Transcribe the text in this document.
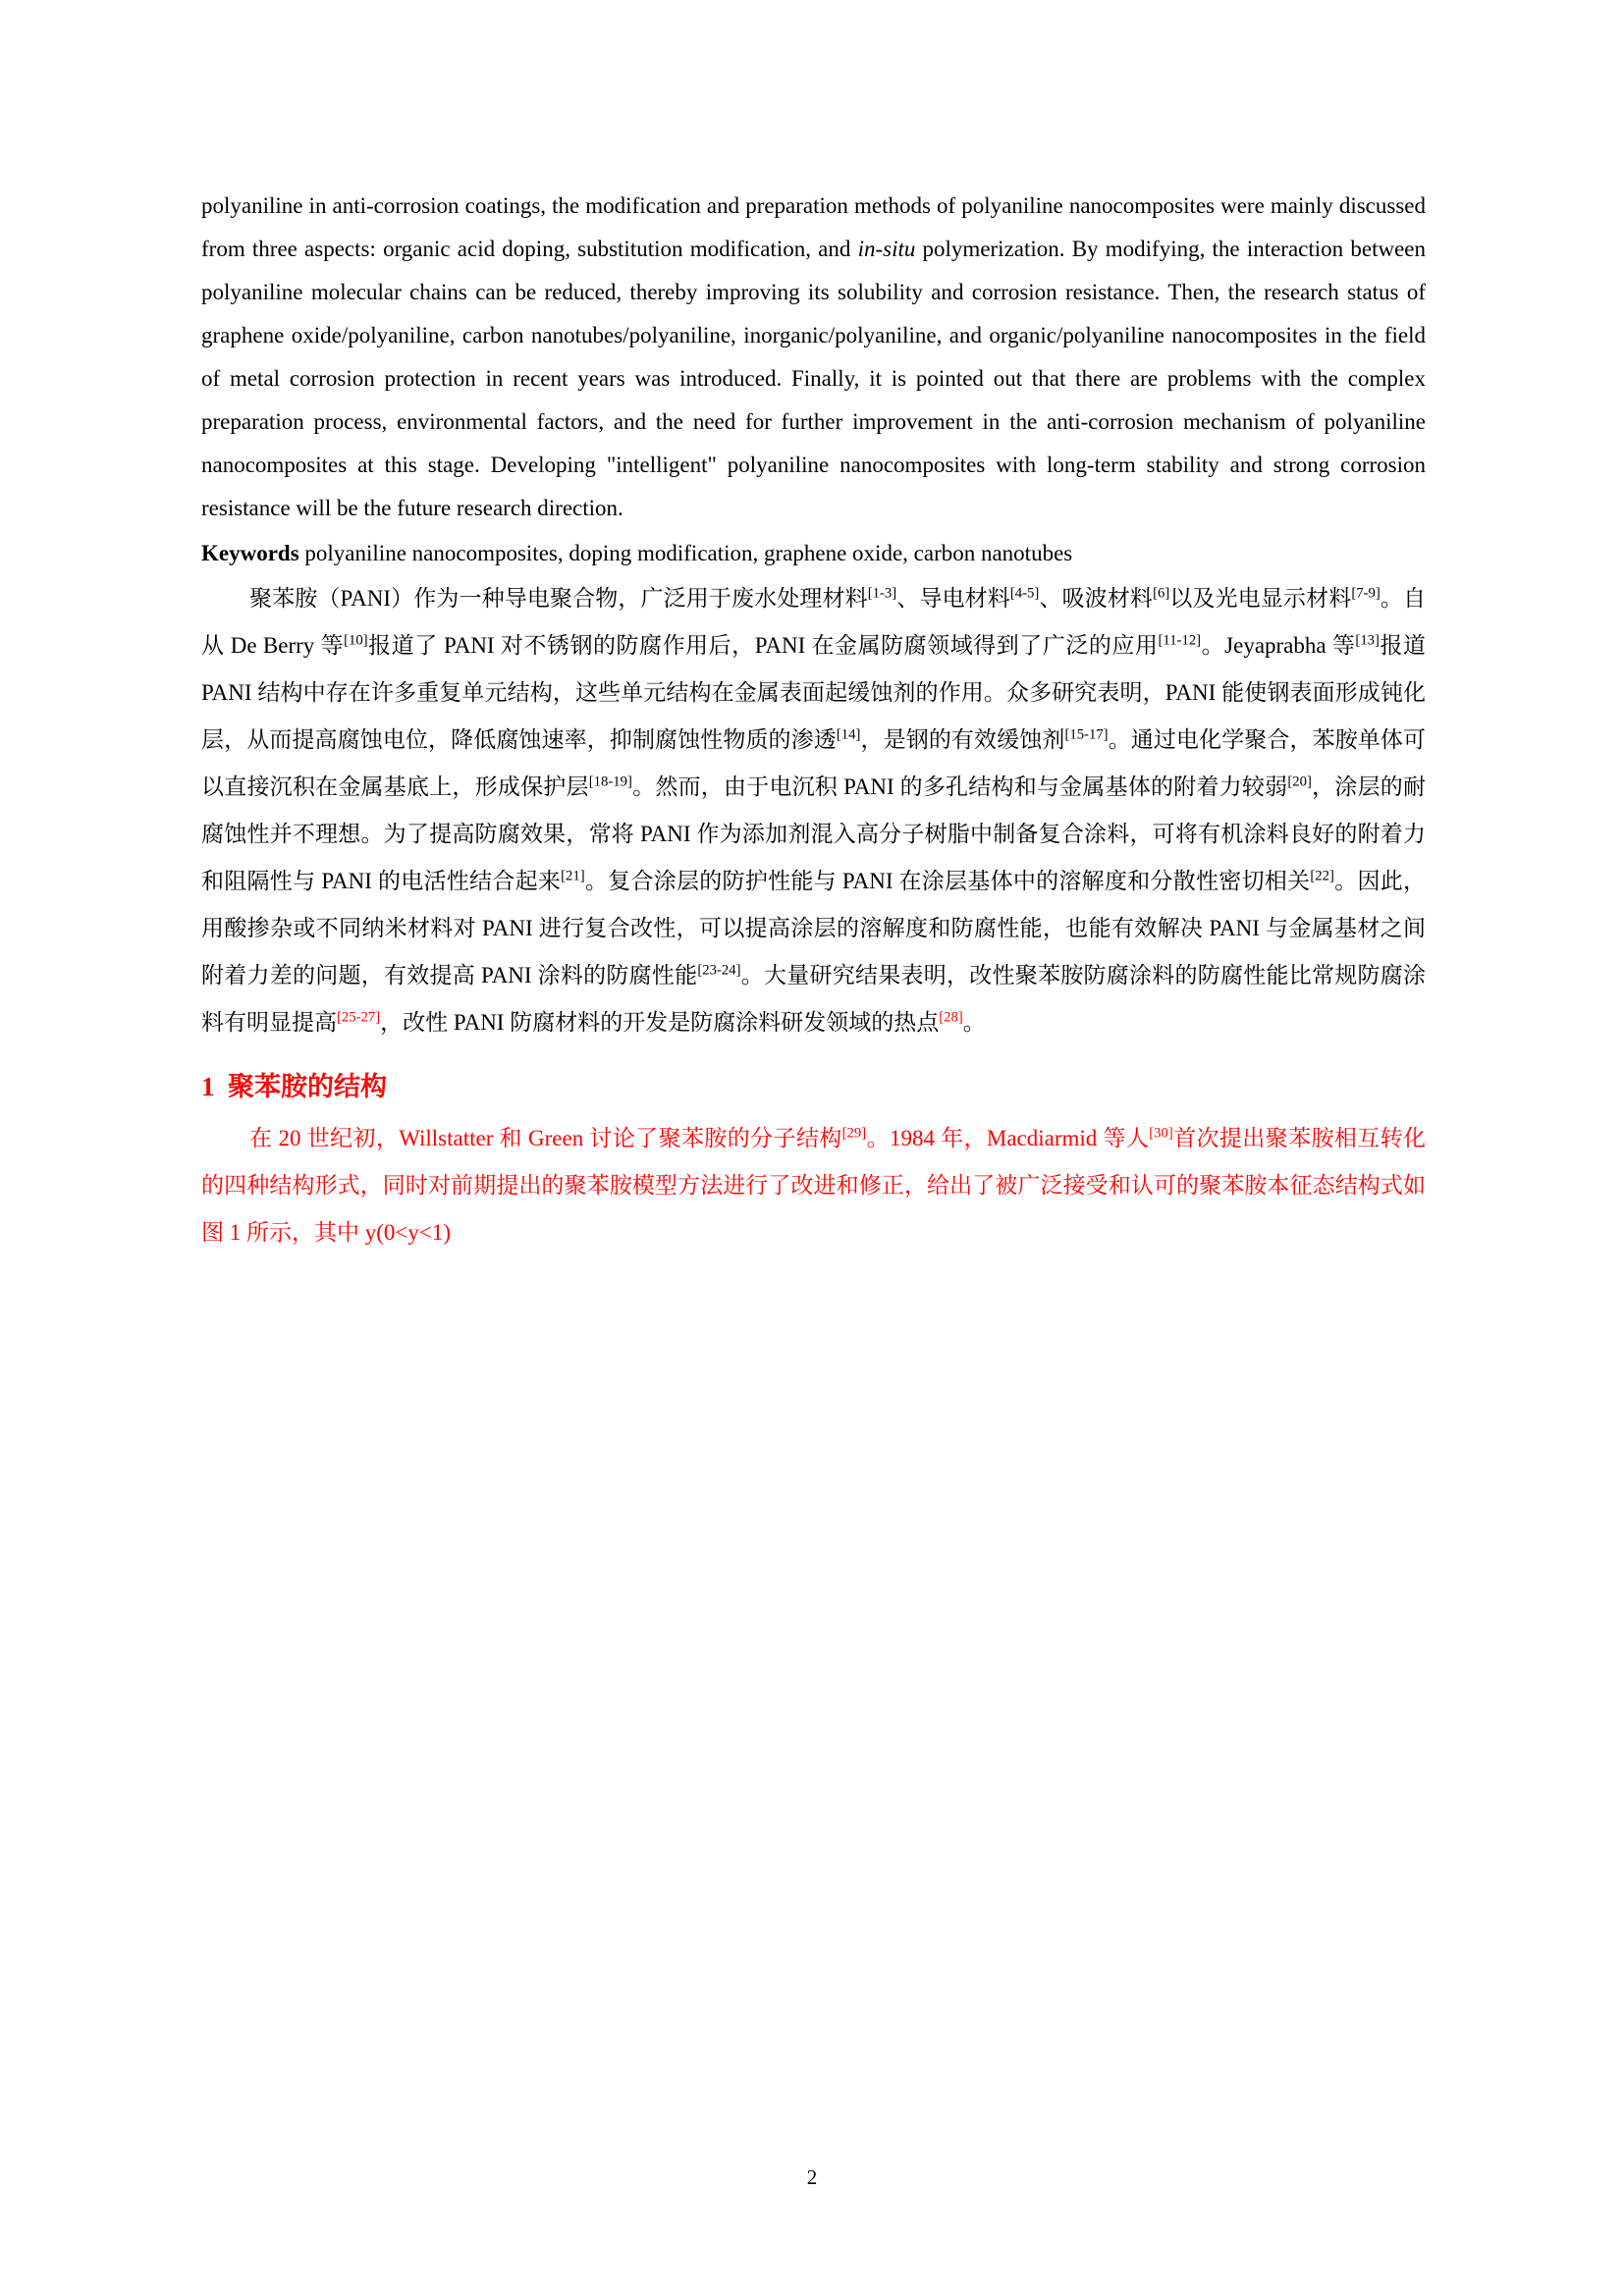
polyaniline in anti-corrosion coatings, the modification and preparation methods of polyaniline nanocomposites were mainly discussed from three aspects: organic acid doping, substitution modification, and in-situ polymerization. By modifying, the interaction between polyaniline molecular chains can be reduced, thereby improving its solubility and corrosion resistance. Then, the research status of graphene oxide/polyaniline, carbon nanotubes/polyaniline, inorganic/polyaniline, and organic/polyaniline nanocomposites in the field of metal corrosion protection in recent years was introduced. Finally, it is pointed out that there are problems with the complex preparation process, environmental factors, and the need for further improvement in the anti-corrosion mechanism of polyaniline nanocomposites at this stage. Developing "intelligent" polyaniline nanocomposites with long-term stability and strong corrosion resistance will be the future research direction.

Keywords polyaniline nanocomposites, doping modification, graphene oxide, carbon nanotubes

聚苯胺（PANI）作为一种导电聚合物，广泛用于废水处理材料[1-3]、导电材料[4-5]、吸波材料[6]以及光电显示材料[7-9]。自从 De Berry 等[10]报道了 PANI 对不锈钢的防腐作用后，PANI 在金属防腐领域得到了广泛的应用[11-12]。Jeyaprabha 等[13]报道 PANI 结构中存在许多重复单元结构，这些单元结构在金属表面起缓蚀剂的作用。众多研究表明，PANI 能使钢表面形成钝化层，从而提高腐蚀电位，降低腐蚀速率，抑制腐蚀性物质的渗透[14]，是钢的有效缓蚀剂[15-17]。通过电化学聚合，苯胺单体可以直接沉积在金属基底上，形成保护层[18-19]。然而，由于电沉积 PANI 的多孔结构和与金属基体的附着力较弱[20]，涂层的耐腐蚀性并不理想。为了提高防腐效果，常将 PANI 作为添加剂混入高分子树脂中制备复合涂料，可将有机涂料良好的附着力和阻隔性与 PANI 的电活性结合起来[21]。复合涂层的防护性能与 PANI 在涂层基体中的溶解度和分散性密切相关[22]。因此，用酸掺杂或不同纳米材料对 PANI 进行复合改性，可以提高涂层的溶解度和防腐性能，也能有效解决 PANI 与金属基材之间附着力差的问题，有效提高 PANI 涂料的防腐性能[23-24]。大量研究结果表明，改性聚苯胺防腐涂料的防腐性能比常规防腐涂料有明显提高[25-27]，改性 PANI 防腐材料的开发是防腐涂料研发领域的热点[28]。

1  聚苯胺的结构

在 20 世纪初，Willstatter 和 Green 讨论了聚苯胺的分子结构[29]。1984 年，Macdiarmid 等人[30]首次提出聚苯胺相互转化的四种结构形式，同时对前期提出的聚苯胺模型方法进行了改进和修正，给出了被广泛接受和认可的聚苯胺本征态结构式如图 1 所示，其中 y(0<y<1)

2
